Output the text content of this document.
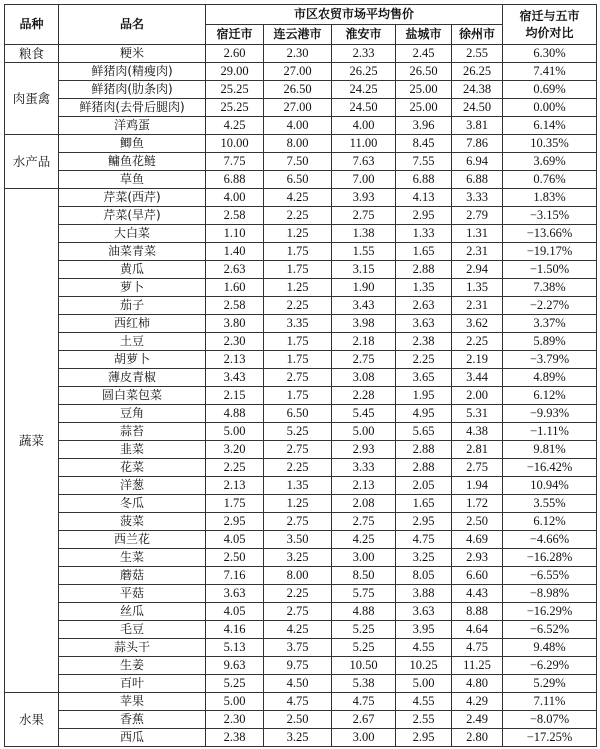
品种	品名	市区农贸市场平均售价					宿迁与五市均价对比
		宿迁市	连云港市	淮安市	盐城市	徐州市	
粮食	粳米	2.60	2.30	2.33	2.45	2.55	6.30%
肉蛋禽	鲜猪肉(精瘦肉)	29.00	27.00	26.25	26.50	26.25	7.41%
	鲜猪肉(肋条肉)	25.25	26.50	24.25	25.00	24.38	0.69%
	鲜猪肉(去骨后腿肉)	25.25	27.00	24.50	25.00	24.50	0.00%
	洋鸡蛋	4.25	4.00	4.00	3.96	3.81	6.14%
水产品	鲫鱼	10.00	8.00	11.00	8.45	7.86	10.35%
	鳙鱼花鲢	7.75	7.50	7.63	7.55	6.94	3.69%
	草鱼	6.88	6.50	7.00	6.88	6.88	0.76%
蔬菜	芹菜(西芹)	4.00	4.25	3.93	4.13	3.33	1.83%
	芹菜(旱芹)	2.58	2.25	2.75	2.95	2.79	−3.15%
	大白菜	1.10	1.25	1.38	1.33	1.31	−13.66%
	油菜青菜	1.40	1.75	1.55	1.65	2.31	−19.17%
	黄瓜	2.63	1.75	3.15	2.88	2.94	−1.50%
	萝卜	1.60	1.25	1.90	1.35	1.35	7.38%
	茄子	2.58	2.25	3.43	2.63	2.31	−2.27%
	西红柿	3.80	3.35	3.98	3.63	3.62	3.37%
	土豆	2.30	1.75	2.18	2.38	2.25	5.89%
	胡萝卜	2.13	1.75	2.75	2.25	2.19	−3.79%
	薄皮青椒	3.43	2.75	3.08	3.65	3.44	4.89%
	圆白菜包菜	2.15	1.75	2.28	1.95	2.00	6.12%
	豆角	4.88	6.50	5.45	4.95	5.31	−9.93%
	蒜苔	5.00	5.25	5.00	5.65	4.38	−1.11%
	韭菜	3.20	2.75	2.93	2.88	2.81	9.81%
	花菜	2.25	2.25	3.33	2.88	2.75	−16.42%
	洋葱	2.13	1.35	2.13	2.05	1.94	10.94%
	冬瓜	1.75	1.25	2.08	1.65	1.72	3.55%
	菠菜	2.95	2.75	2.75	2.95	2.50	6.12%
	西兰花	4.05	3.50	4.25	4.75	4.69	−4.66%
	生菜	2.50	3.25	3.00	3.25	2.93	−16.28%
	蘑菇	7.16	8.00	8.50	8.05	6.60	−6.55%
	平菇	3.63	2.25	5.75	3.88	4.43	−8.98%
	丝瓜	4.05	2.75	4.88	3.63	8.88	−16.29%
	毛豆	4.16	4.25	5.25	3.95	4.64	−6.52%
	蒜头干	5.13	3.75	5.25	4.55	4.75	9.48%
	生姜	9.63	9.75	10.50	10.25	11.25	−6.29%
	百叶	5.25	4.50	5.38	5.00	4.80	5.29%
水果	苹果	5.00	4.75	4.75	4.55	4.29	7.11%
	香蕉	2.30	2.50	2.67	2.55	2.49	−8.07%
	西瓜	2.38	3.25	3.00	2.95	2.80	−17.25%
